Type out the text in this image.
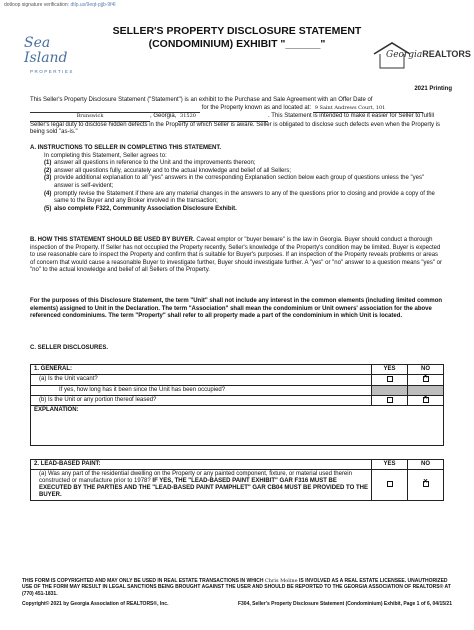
dotloop signature verification: dtlp.us/9eqt-pjjb-9f4l
Sea Island
PROPERTIES
SELLER'S PROPERTY DISCLOSURE STATEMENT
(CONDOMINIUM) EXHIBIT "______"
GeorgiaREALTORS
2021 Printing
This Seller's Property Disclosure Statement ("Statement") is an exhibit to the Purchase and Sale Agreement with an Offer Date of   for the Property known as and located at: 9 Saint Andrews Court, 101
Brunswick	, Georgia, 31520	. This Statement is intended to make it easier for Seller to fulfill Seller's legal duty to disclose hidden defects in the Property of which Seller is aware. Seller is obligated to disclose such defects even when the Property is being sold "as-is."
A. INSTRUCTIONS TO SELLER IN COMPLETING THIS STATEMENT.
In completing this Statement, Seller agrees to:
(1) answer all questions in reference to the Unit and the improvements thereon;
(2) answer all questions fully, accurately and to the actual knowledge and belief of all Sellers;
(3) provide additional explanation to all "yes" answers in the corresponding Explanation section below each group of questions unless the "yes" answer is self-evident;
(4) promptly revise the Statement if there are any material changes in the answers to any of the questions prior to closing and provide a copy of the same to the Buyer and any Broker involved in the transaction;
(5) also complete F322, Community Association Disclosure Exhibit.
B. HOW THIS STATEMENT SHOULD BE USED BY BUYER. Caveat emptor or "buyer beware" is the law in Georgia. Buyer should conduct a thorough inspection of the Property. If Seller has not occupied the Property recently, Seller's knowledge of the Property's condition may be limited. Buyer is expected to use reasonable care to inspect the Property and confirm that is suitable for Buyer's purposes. If an inspection of the Property reveals problems or areas of concern that would cause a reasonable Buyer to investigate further, Buyer should investigate further. A "yes" or "no" answer to a question means "yes" or "no" to the actual knowledge and belief of all Sellers of the Property.
For the purposes of this Disclosure Statement, the term "Unit" shall not include any interest in the common elements (including limited common elements) assigned to Unit in the Declaration. The term "Association" shall mean the condominium or Unit owners' association for the above referenced condominiums. The term "Property" shall refer to all property made a part of the condominium in which Unit is located.
C. SELLER DISCLOSURES.
1. GENERAL:	YES	NO
(a) Is the Unit vacant?		✕
If yes, how long has it been since the Unit has been occupied?		
(b) Is the Unit or any portion thereof leased?		✕
EXPLANATION:		
2. LEAD-BASED PAINT:	YES	NO
(a) Was any part of the residential dwelling on the Property or any painted component, fixture, or material used therein constructed or manufacture prior to 1978? IF YES, THE "LEAD-BASED PAINT EXHIBIT" GAR F316 MUST BE EXECUTED BY THE PARTIES AND THE "LEAD-BASED PAINT PAMPHLET" GAR CB04 MUST BE PROVIDED TO THE BUYER.		✕
THIS FORM IS COPYRIGHTED AND MAY ONLY BE USED IN REAL ESTATE TRANSACTIONS IN WHICH Chris Moline IS INVOLVED AS A REAL ESTATE LICENSEE. UNAUTHORIZED USE OF THE FORM MAY RESULT IN LEGAL SANCTIONS BEING BROUGHT AGAINST THE USER AND SHOULD BE REPORTED TO THE GEORGIA ASSOCIATION OF REALTORS® AT (770) 451-1831.
Copyright© 2021 by Georgia Association of REALTORS®, Inc.	F304, Seller's Property Disclosure Statement (Condominium) Exhibit, Page 1 of 6, 04/15/21
